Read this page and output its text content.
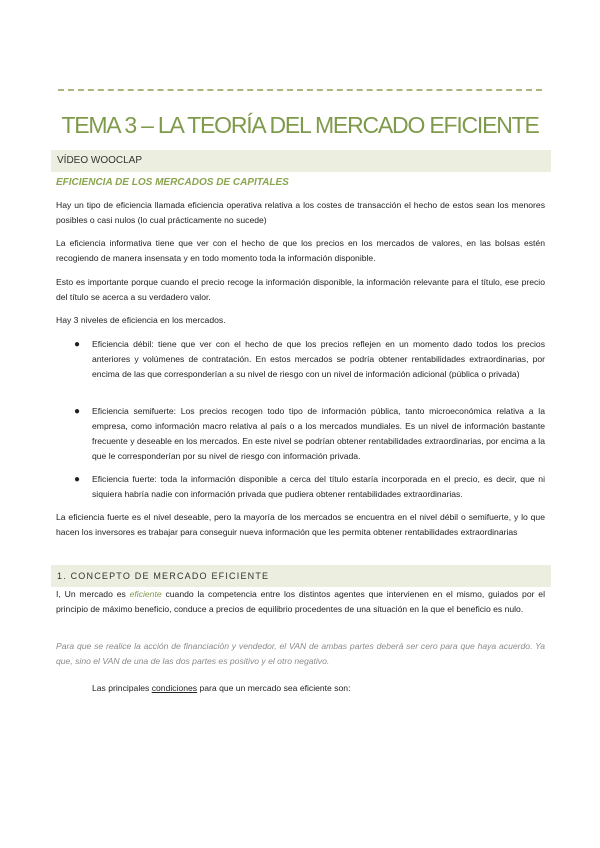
TEMA 3 – LA TEORÍA DEL MERCADO EFICIENTE
VÍDEO WOOCLAP
EFICIENCIA DE LOS MERCADOS DE CAPITALES
Hay un tipo de eficiencia llamada eficiencia operativa relativa a los costes de transacción el hecho de estos sean los menores posibles o casi nulos (lo cual prácticamente no sucede)
La eficiencia informativa tiene que ver con el hecho de que los precios en los mercados de valores, en las bolsas estén recogiendo de manera insensata y en todo momento toda la información disponible.
Esto es importante porque cuando el precio recoge la información disponible, la información relevante para el título, ese precio del título se acerca a su verdadero valor.
Hay 3 niveles de eficiencia en los mercados.
● Eficiencia débil: tiene que ver con el hecho de que los precios reflejen en un momento dado todos los precios anteriores y volúmenes de contratación. En estos mercados se podría obtener rentabilidades extraordinarias, por encima de las que corresponderían a su nivel de riesgo con un nivel de información adicional (pública o privada)
● Eficiencia semifuerte: Los precios recogen todo tipo de información pública, tanto microeconómica relativa a la empresa, como información macro relativa al país o a los mercados mundiales. Es un nivel de información bastante frecuente y deseable en los mercados. En este nivel se podrían obtener rentabilidades extraordinarias, por encima a la que le corresponderían por su nivel de riesgo con información privada.
● Eficiencia fuerte: toda la información disponible a cerca del título estaría incorporada en el precio, es decir, que ni siquiera habría nadie con información privada que pudiera obtener rentabilidades extraordinarias.
La eficiencia fuerte es el nivel deseable, pero la mayoría de los mercados se encuentra en el nivel débil o semifuerte, y lo que hacen los inversores es trabajar para conseguir nueva información que les permita obtener rentabilidades extraordinarias
1. CONCEPTO DE MERCADO EFICIENTE
I, Un mercado es eficiente cuando la competencia entre los distintos agentes que intervienen en el mismo, guiados por el principio de máximo beneficio, conduce a precios de equilibrio procedentes de una situación en la que el beneficio es nulo.
Para que se realice la acción de financiación y vendedor, el VAN de ambas partes deberá ser cero para que haya acuerdo. Ya que, sino el VAN de una de las dos partes es positivo y el otro negativo.
Las principales condiciones para que un mercado sea eficiente son:
